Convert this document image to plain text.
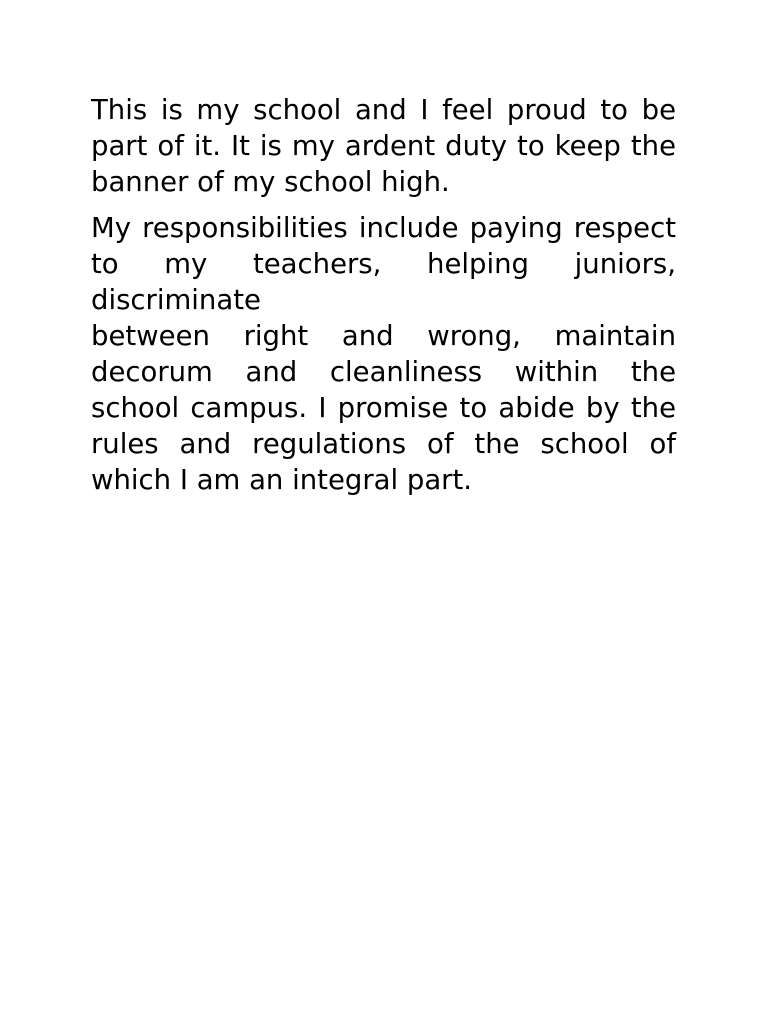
This is my school and I feel proud to be part of it. It is my ardent duty to keep the banner of my school high.

My responsibilities include paying respect to my teachers, helping juniors, discriminate
between right and wrong, maintain decorum and cleanliness within the school campus. I promise to abide by the rules and regulations of the school of which I am an integral part.
